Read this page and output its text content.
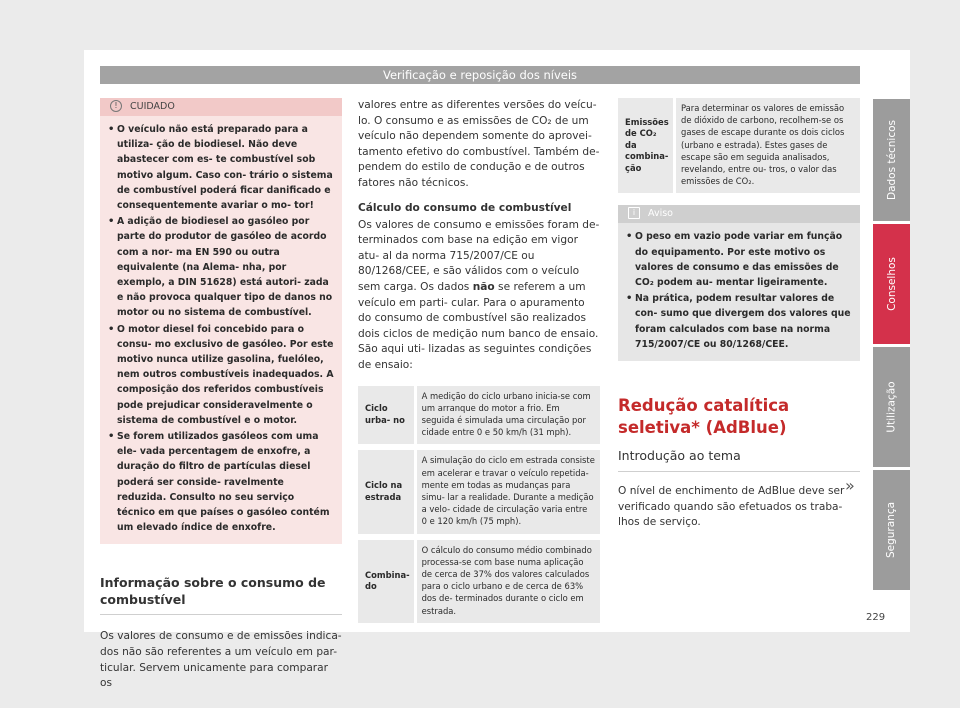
Verificação e reposição dos níveis
! CUIDADO
• O veículo não está preparado para a utiliza- ção de biodiesel. Não deve abastecer com es- te combustível sob motivo algum. Caso con- trário o sistema de combustível poderá ficar danificado e consequentemente avariar o mo- tor!
• A adição de biodiesel ao gasóleo por parte do produtor de gasóleo de acordo com a nor- ma EN 590 ou outra equivalente (na Alema- nha, por exemplo, a DIN 51628) está autori- zada e não provoca qualquer tipo de danos no motor ou no sistema de combustível.
• O motor diesel foi concebido para o consu- mo exclusivo de gasóleo. Por este motivo nunca utilize gasolina, fuelóleo, nem outros combustíveis inadequados. A composição dos referidos combustíveis pode prejudicar consideravelmente o sistema de combustível e o motor.
• Se forem utilizados gasóleos com uma ele- vada percentagem de enxofre, a duração do filtro de partículas diesel poderá ser conside- ravelmente reduzida. Consulto no seu serviço técnico em que países o gasóleo contém um elevado índice de enxofre.
Informação sobre o consumo de combustível

Os valores de consumo e de emissões indica- dos não são referentes a um veículo em par- ticular. Servem unicamente para comparar os

valores entre as diferentes versões do veícu- lo. O consumo e as emissões de CO₂ de um veículo não dependem somente do aprovei- tamento efetivo do combustível. Também de- pendem do estilo de condução e de outros fatores não técnicos.

Cálculo do consumo de combustível

Os valores de consumo e emissões foram de- terminados com base na edição em vigor atu- al da norma 715/2007/CE ou 80/1268/CEE, e são válidos com o veículo sem carga. Os dados não se referem a um veículo em parti- cular. Para o apuramento do consumo de combustível são realizados dois ciclos de medição num banco de ensaio. São aqui uti- lizadas as seguintes condições de ensaio:

Ciclo urba- no	A medição do ciclo urbano inicia-se com um arranque do motor a frio. Em seguida é simulada uma circulação por cidade entre 0 e 50 km/h (31 mph).
Ciclo na estrada	A simulação do ciclo em estrada consiste em acelerar e travar o veículo repetida- mente em todas as mudanças para simu- lar a realidade. Durante a medição a velo- cidade de circulação varia entre 0 e 120 km/h (75 mph).
Combina- do	O cálculo do consumo médio combinado processa-se com base numa aplicação de cerca de 37% dos valores calculados para o ciclo urbano e de cerca de 63% dos de- terminados durante o ciclo em estrada.
Emissões de CO₂ da combina- ção	Para determinar os valores de emissão de dióxido de carbono, recolhem-se os gases de escape durante os dois ciclos (urbano e estrada). Estes gases de escape são em seguida analisados, revelando, entre ou- tros, o valor das emissões de CO₂.
i Aviso
• O peso em vazio pode variar em função do equipamento. Por este motivo os valores de consumo e das emissões de CO₂ podem au- mentar ligeiramente.
• Na prática, podem resultar valores de con- sumo que divergem dos valores que foram calculados com base na norma 715/2007/CE ou 80/1268/CEE.
Redução catalítica seletiva* (AdBlue)
Introdução ao tema

O nível de enchimento de AdBlue deve ser verificado quando são efetuados os traba- lhos de serviço.

»
Dados técnicos
Conselhos
Utilização
Segurança
229
